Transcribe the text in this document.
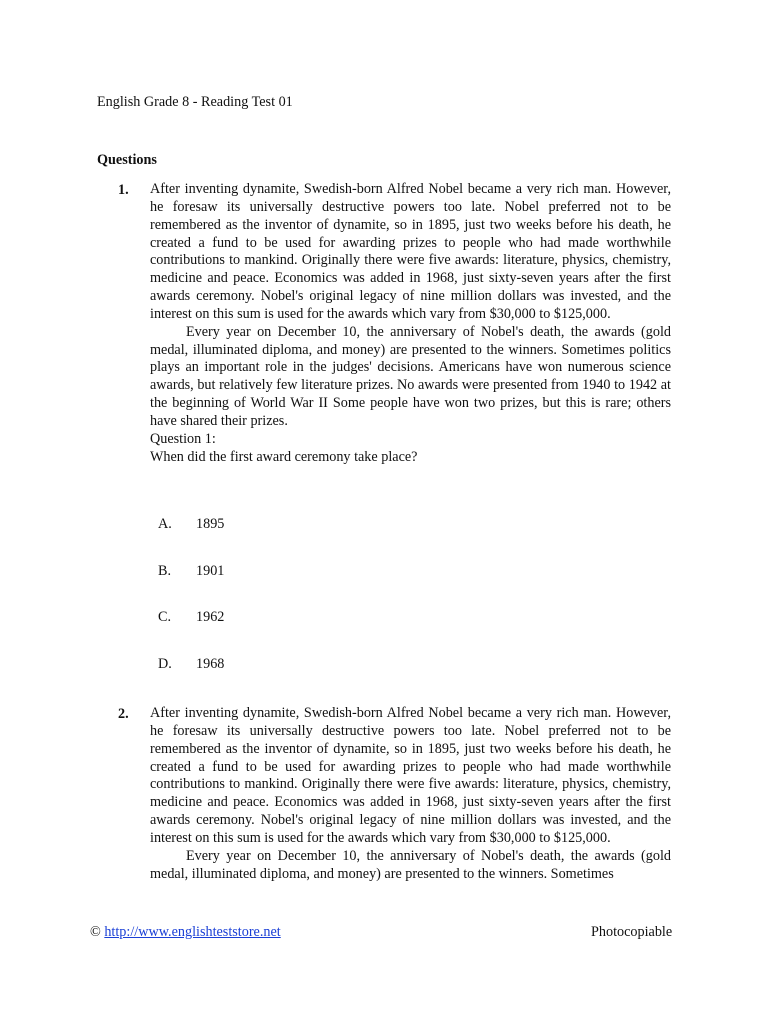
English Grade 8 - Reading Test 01
Questions
1. After inventing dynamite, Swedish-born Alfred Nobel became a very rich man. However, he foresaw its universally destructive powers too late. Nobel preferred not to be remembered as the inventor of dynamite, so in 1895, just two weeks before his death, he created a fund to be used for awarding prizes to people who had made worthwhile contributions to mankind. Originally there were five awards: literature, physics, chemistry, medicine and peace. Economics was added in 1968, just sixty-seven years after the first awards ceremony. Nobel's original legacy of nine million dollars was invested, and the interest on this sum is used for the awards which vary from $30,000 to $125,000.

Every year on December 10, the anniversary of Nobel's death, the awards (gold medal, illuminated diploma, and money) are presented to the winners. Sometimes politics plays an important role in the judges' decisions. Americans have won numerous science awards, but relatively few literature prizes. No awards were presented from 1940 to 1942 at the beginning of World War II Some people have won two prizes, but this is rare; others have shared their prizes.

Question 1:
When did the first award ceremony take place?
A. 1895
B. 1901
C. 1962
D. 1968
2. After inventing dynamite, Swedish-born Alfred Nobel became a very rich man. However, he foresaw its universally destructive powers too late. Nobel preferred not to be remembered as the inventor of dynamite, so in 1895, just two weeks before his death, he created a fund to be used for awarding prizes to people who had made worthwhile contributions to mankind. Originally there were five awards: literature, physics, chemistry, medicine and peace. Economics was added in 1968, just sixty-seven years after the first awards ceremony. Nobel's original legacy of nine million dollars was invested, and the interest on this sum is used for the awards which vary from $30,000 to $125,000.

Every year on December 10, the anniversary of Nobel's death, the awards (gold medal, illuminated diploma, and money) are presented to the winners. Sometimes

© http://www.englishteststore.net	Photocopiable
